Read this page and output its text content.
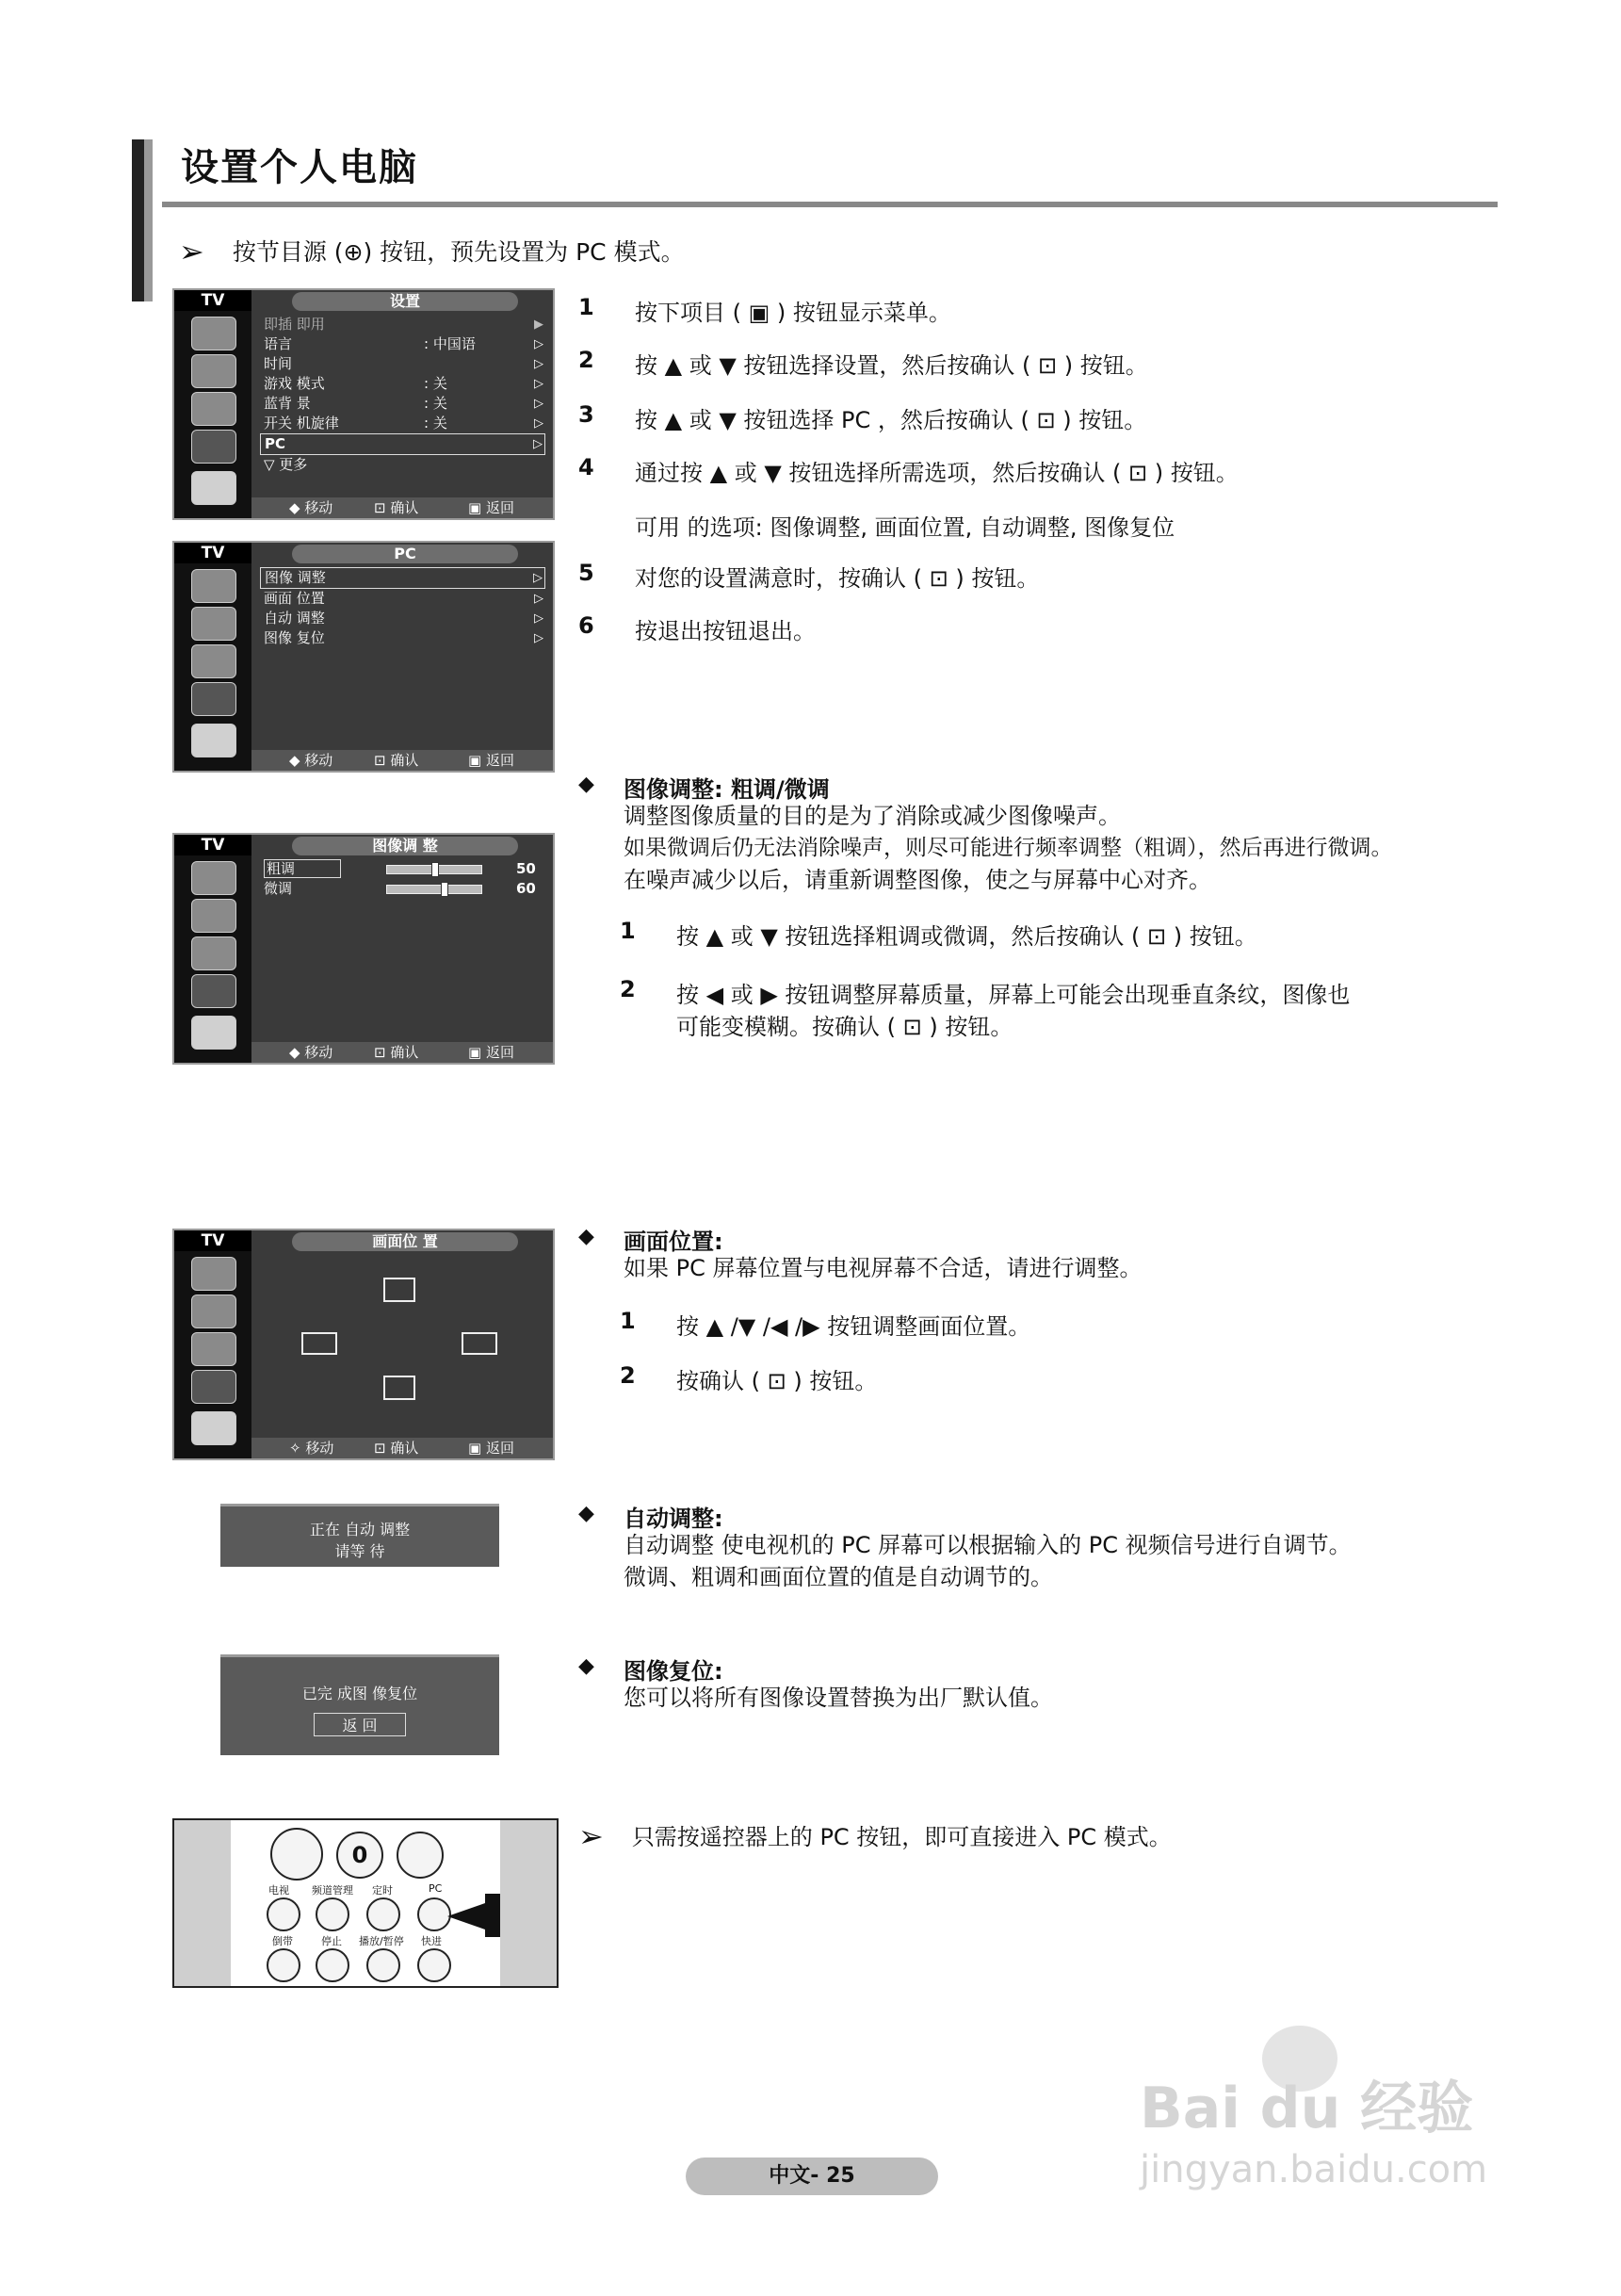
设置个人电脑
➢ 按节目源 (⊕) 按钮，预先设置为 PC 模式。
TV	设置
即插 即用	▶
语言	: 中国语	▷
时间	▷
游戏 模式	: 关	▷
蓝背 景	: 关	▷
开关 机旋律	: 关	▷
PC	▷
▽ 更多
◆ 移动	⊡ 确认	▣ 返回
TV	PC
图像 调整	▷
画面 位置	▷
自动 调整	▷
图像 复位	▷
◆ 移动	⊡ 确认	▣ 返回
TV	图像调 整
粗调	50
微调	60
◆ 移动	⊡ 确认	▣ 返回
TV	画面位 置
✧ 移动	⊡ 确认	▣ 返回
1 按下项目 ( ▣ ) 按钮显示菜单。
2 按 ▲ 或 ▼ 按钮选择设置，然后按确认 ( ⊡ ) 按钮。
3 按 ▲ 或 ▼ 按钮选择 PC ，然后按确认 ( ⊡ ) 按钮。
4 通过按 ▲ 或 ▼ 按钮选择所需选项，然后按确认 ( ⊡ ) 按钮。
可用 的选项: 图像调整, 画面位置, 自动调整, 图像复位
5 对您的设置满意时，按确认 ( ⊡ ) 按钮。
6 按退出按钮退出。
◆ 图像调整: 粗调/微调
调整图像质量的目的是为了消除或减少图像噪声。
如果微调后仍无法消除噪声，则尽可能进行频率调整（粗调），然后再进行微调。
在噪声减少以后，请重新调整图像，使之与屏幕中心对齐。
1 按 ▲ 或 ▼ 按钮选择粗调或微调，然后按确认 ( ⊡ ) 按钮。
2 按 ◀ 或 ▶ 按钮调整屏幕质量，屏幕上可能会出现垂直条纹，图像也
可能变模糊。按确认 ( ⊡ ) 按钮。
◆ 画面位置:
如果 PC 屏幕位置与电视屏幕不合适，请进行调整。
1 按 ▲ /▼ /◀ /▶ 按钮调整画面位置。
2 按确认 ( ⊡ ) 按钮。
正在 自动 调整
请等 待
◆ 自动调整:
自动调整 使电视机的 PC 屏幕可以根据输入的 PC 视频信号进行自调节。
微调、粗调和画面位置的值是自动调节的。
已完 成图 像复位
返 回
◆ 图像复位:
您可以将所有图像设置替换为出厂默认值。
0
电视 频道管理 定时	PC
倒带	停止 播放/暂停 快进
➢ 只需按遥控器上的 PC 按钮，即可直接进入 PC 模式。
Bai du 经验
jingyan.baidu.com
中文- 25
